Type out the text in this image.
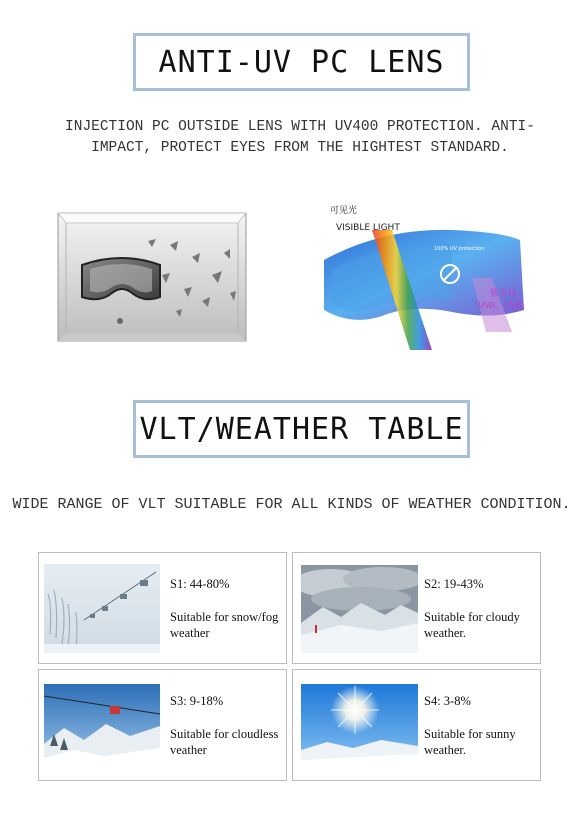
ANTI-UV PC LENS
INJECTION PC OUTSIDE LENS WITH UV400 PROTECTION. ANTI-IMPACT, PROTECT EYES FROM THE HIGHTEST STANDARD.
可见光
VISIBLE LIGHT
100% UV protection
紫外线
UVA、UVB、
VLT/WEATHER TABLE
WIDE RANGE OF VLT SUITABLE FOR ALL KINDS OF WEATHER CONDITION.
S1: 44-80%
Suitable for snow/fog weather
S2: 19-43%
Suitable for cloudy weather.
S3: 9-18%
Suitable for cloudless veather
S4: 3-8%
Suitable for sunny weather.
